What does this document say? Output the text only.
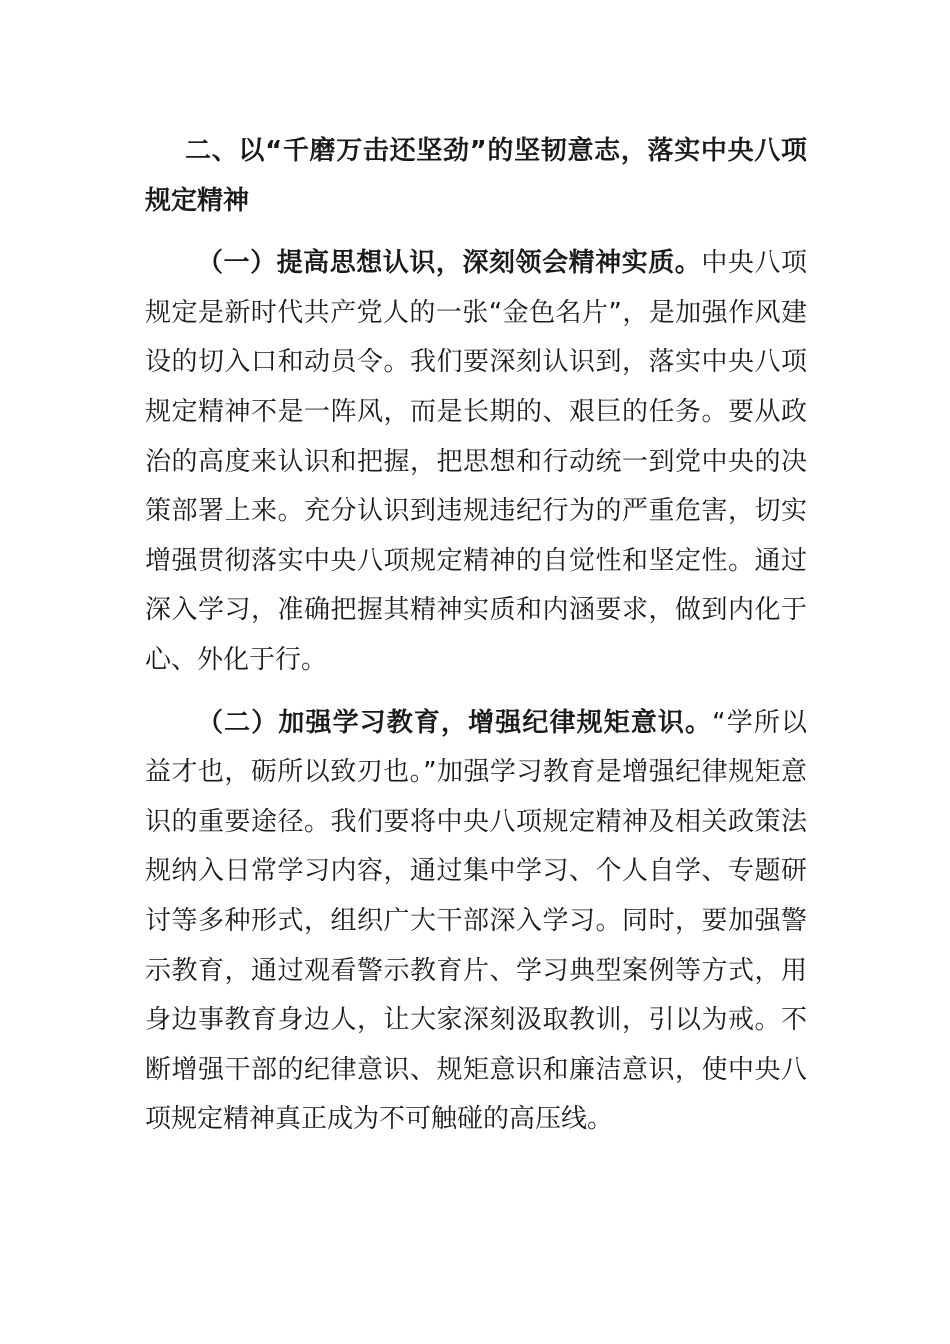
二、以“千磨万击还坚劲”的坚韧意志，落实中央八项规定精神

（一）提高思想认识，深刻领会精神实质。中央八项规定是新时代共产党人的一张“金色名片”，是加强作风建设的切入口和动员令。我们要深刻认识到，落实中央八项规定精神不是一阵风，而是长期的、艰巨的任务。要从政治的高度来认识和把握，把思想和行动统一到党中央的决策部署上来。充分认识到违规违纪行为的严重危害，切实增强贯彻落实中央八项规定精神的自觉性和坚定性。通过深入学习，准确把握其精神实质和内涵要求，做到内化于心、外化于行。

（二）加强学习教育，增强纪律规矩意识。“学所以益才也，砺所以致刃也。”加强学习教育是增强纪律规矩意识的重要途径。我们要将中央八项规定精神及相关政策法规纳入日常学习内容，通过集中学习、个人自学、专题研讨等多种形式，组织广大干部深入学习。同时，要加强警示教育，通过观看警示教育片、学习典型案例等方式，用身边事教育身边人，让大家深刻汲取教训，引以为戒。不断增强干部的纪律意识、规矩意识和廉洁意识，使中央八项规定精神真正成为不可触碰的高压线。
